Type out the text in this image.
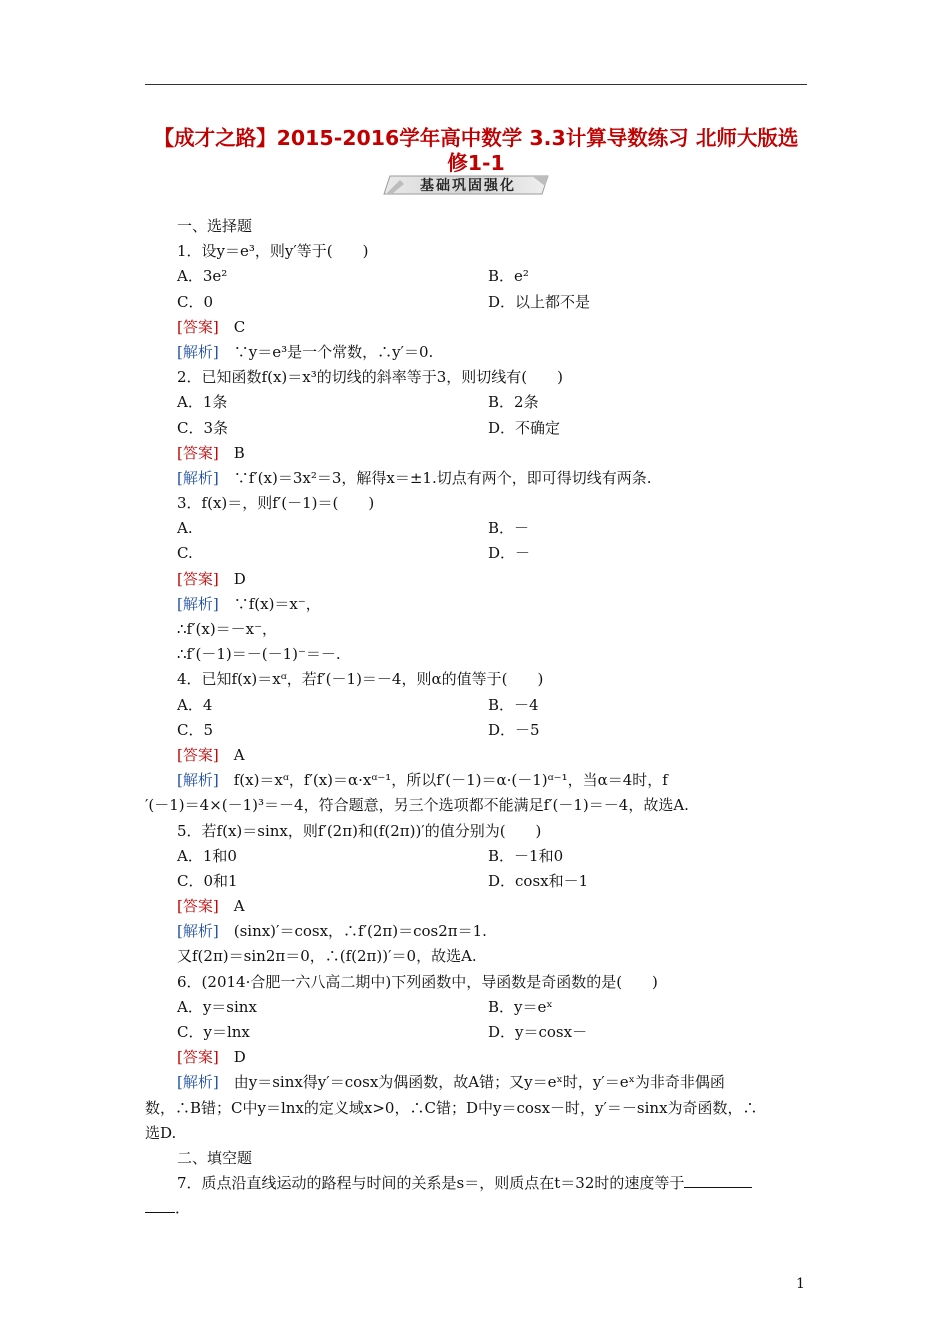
【成才之路】2015-2016学年高中数学 3.3计算导数练习 北师大版选
修1-1
基础巩固强化
一、选择题
1．设y＝e³，则y′等于(　　)
A．3e²	B．e²
C．0	D．以上都不是
[答案]　C
[解析]　∵y＝e³是一个常数，∴y′＝0.
2．已知函数f(x)＝x³的切线的斜率等于3，则切线有(　　)
A．1条	B．2条
C．3条	D．不确定
[答案]　B
[解析]　∵f′(x)＝3x²＝3，解得x＝±1.切点有两个，即可得切线有两条.
3．f(x)＝，则f′(－1)＝(　　)
A.	B．－
C.	D．－
[答案]　D
[解析]　∵f(x)＝x⁻，
∴f′(x)＝－x⁻，
∴f′(－1)＝－(－1)⁻＝－.
4．已知f(x)＝xᵅ，若f′(－1)＝－4，则α的值等于(　　)
A．4	B．－4
C．5	D．－5
[答案]　A
[解析]　f(x)＝xᵅ，f′(x)＝α·xᵅ⁻¹，所以f′(－1)＝α·(－1)ᵅ⁻¹，当α＝4时，f
′(－1)＝4×(－1)³＝－4，符合题意，另三个选项都不能满足f′(－1)＝－4，故选A.
5．若f(x)＝sinx，则f′(2π)和(f(2π))′的值分别为(　　)
A．1和0	B．－1和0
C．0和1	D．cosx和－1
[答案]　A
[解析]　(sinx)′＝cosx，∴f′(2π)＝cos2π＝1.
又f(2π)＝sin2π＝0，∴(f(2π))′＝0，故选A.
6．(2014·合肥一六八高二期中)下列函数中，导函数是奇函数的是(　　)
A．y＝sinx	B．y＝eˣ
C．y＝lnx	D．y＝cosx－
[答案]　D
[解析]　由y＝sinx得y′＝cosx为偶函数，故A错；又y＝eˣ时，y′＝eˣ为非奇非偶函
数，∴B错；C中y＝lnx的定义域x>0，∴C错；D中y＝cosx－时，y′＝－sinx为奇函数，∴
选D.
二、填空题
7．质点沿直线运动的路程与时间的关系是s＝，则质点在t＝32时的速度等于
．
1
